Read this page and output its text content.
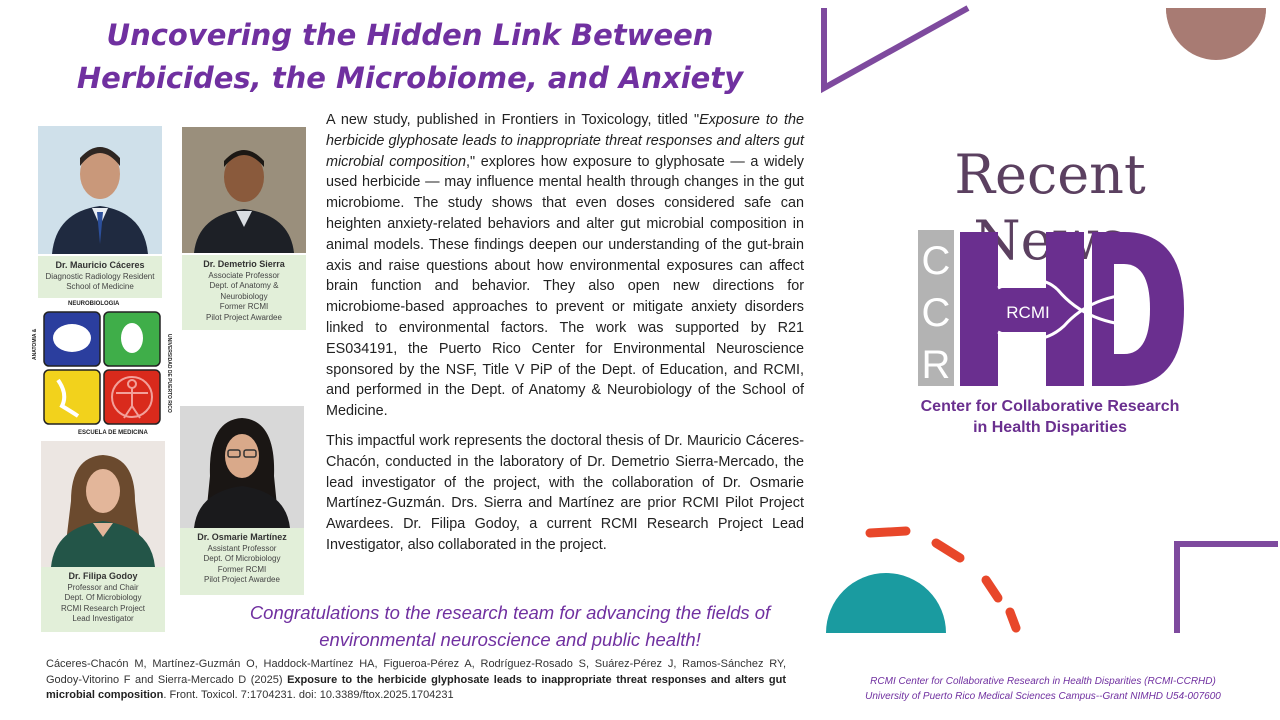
Uncovering the Hidden Link Between
Herbicides, the Microbiome, and Anxiety
Dr. Mauricio Cáceres
Diagnostic Radiology Resident
School of Medicine
Dr. Demetrio Sierra
Associate Professor
Dept. of Anatomy &
Neurobiology
Former RCMI
Pilot Project Awardee
NEUROBIOLOGIA
ANATOMIA &	UNIVERSIDAD DE PUERTO RICO
ESCUELA DE MEDICINA
Dr. Filipa Godoy
Professor and Chair
Dept. Of Microbiology
RCMI Research Project
Lead Investigator
Dr. Osmarie Martínez
Assistant Professor
Dept. Of Microbiology
Former RCMI
Pilot Project Awardee

A new study, published in Frontiers in Toxicology, titled "Exposure to the herbicide glyphosate leads to inappropriate threat responses and alters gut microbial composition," explores how exposure to glyphosate — a widely used herbicide — may influence mental health through changes in the gut microbiome. The study shows that even doses considered safe can heighten anxiety-related behaviors and alter gut microbial composition in animal models. These findings deepen our understanding of the gut-brain axis and raise questions about how environmental exposures can affect brain function and behavior. They also open new directions for microbiome-based approaches to prevent or mitigate anxiety disorders linked to environmental factors. The work was supported by R21 ES034191, the Puerto Rico Center for Environmental Neuroscience sponsored by the NSF, Title V PiP of the Dept. of Education, and RCMI, and performed in the Dept. of Anatomy & Neurobiology of the School of Medicine.

This impactful work represents the doctoral thesis of Dr. Mauricio Cáceres-Chacón, conducted in the laboratory of Dr. Demetrio Sierra-Mercado, the lead investigator of the project, with the collaboration of Dr. Osmarie Martínez-Guzmán. Drs. Sierra and Martínez are prior RCMI Pilot Project Awardees. Dr. Filipa Godoy, a current RCMI Research Project Lead Investigator, also collaborated in the project.

Congratulations to the research team for advancing the fields of
environmental neuroscience and public health!
Cáceres-Chacón M, Martínez-Guzmán O, Haddock-Martínez HA, Figueroa-Pérez A, Rodríguez-Rosado S, Suárez-Pérez J, Ramos-Sánchez RY, Godoy-Vitorino F and Sierra-Mercado D (2025) Exposure to the herbicide glyphosate leads to inappropriate threat responses and alters gut microbial composition. Front. Toxicol. 7:1704231. doi: 10.3389/ftox.2025.1704231
Recent
C
C
R
RCMI
Center for Collaborative Research
in Health Disparities
RCMI Center for Collaborative Research in Health Disparities (RCMI-CCRHD)
University of Puerto Rico Medical Sciences Campus--Grant NIMHD U54-007600
